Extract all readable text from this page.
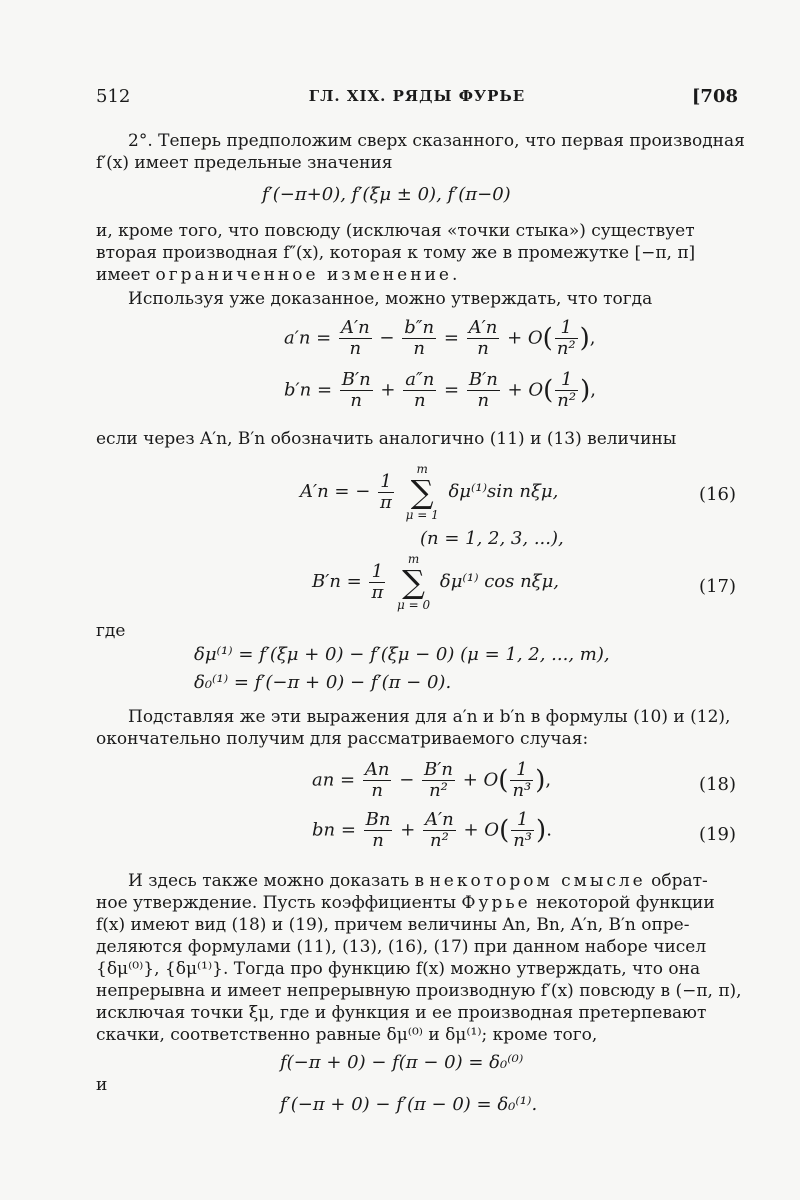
512	ГЛ. XIX. РЯДЫ ФУРЬЕ	[708
2°. Теперь предположим сверх сказанного, что первая производная
f′(x) имеет предельные значения
f′(−π+0), f′(ξμ ± 0), f′(π−0)
и, кроме того, что повсюду (исключая «точки стыка») существует
вторая производная f″(x), которая к тому же в промежутке [−π, π]
имеет ограниченное изменение.
Используя уже доказанное, можно утверждать, что тогда
$a'n = \frac{A'n}{n} - \frac{b''n}{n} = \frac{A'n}{n} + O( \frac{1}{\text{n²}}$ ),
$b'n = \frac{B'n}{n} + \frac{a''n}{n} = \frac{B'n}{n} + O( \frac{1}{\text{n²}}$ ),
если через A′n, B′n обозначить аналогично (11) и (13) величины
A′n = − $\frac{1}{\pi}$

m
∑
μ = 1
δμ⁽¹⁾sin nξμ,	(16)
(n = 1, 2, 3, ...),
$B'n = \frac{1}{\pi}$

m
∑
μ = 0
δμ⁽¹⁾ cos nξμ,	(17)
где
δμ⁽¹⁾ = f′(ξμ + 0) − f′(ξμ − 0) (μ = 1, 2, ..., m),
δ₀⁽¹⁾ = f′(−π + 0) − f′(π − 0).
Подставляя же эти выражения для a′n и b′n в формулы (10) и (12),
окончательно получим для рассматриваемого случая:
an = $\frac{An}{n} - \frac{B'n}{\text{n²}} + O( \frac{1}{\text{n³}}$ ),	(18)
bn = $\frac{Bn}{n} + \frac{A'n}{\text{n²}} + O( \frac{1}{\text{n³}}$ ).	(19)
И здесь также можно доказать в некотором смысле обрат-
ное утверждение. Пусть коэффициенты Фурье некоторой функции
f(x) имеют вид (18) и (19), причем величины An, Bn, A′n, B′n опре-
деляются формулами (11), (13), (16), (17) при данном наборе чисел
{δμ⁽⁰⁾}, {δμ⁽¹⁾}. Тогда про функцию f(x) можно утверждать, что она
непрерывна и имеет непрерывную производную f′(x) повсюду в (−π, π),
исключая точки ξμ, где и функция и ее производная претерпевают
скачки, соответственно равные δμ⁽⁰⁾ и δμ⁽¹⁾; кроме того,
f(−π + 0) − f(π − 0) = δ₀⁽⁰⁾
и
f′(−π + 0) − f′(π − 0) = δ₀⁽¹⁾.
